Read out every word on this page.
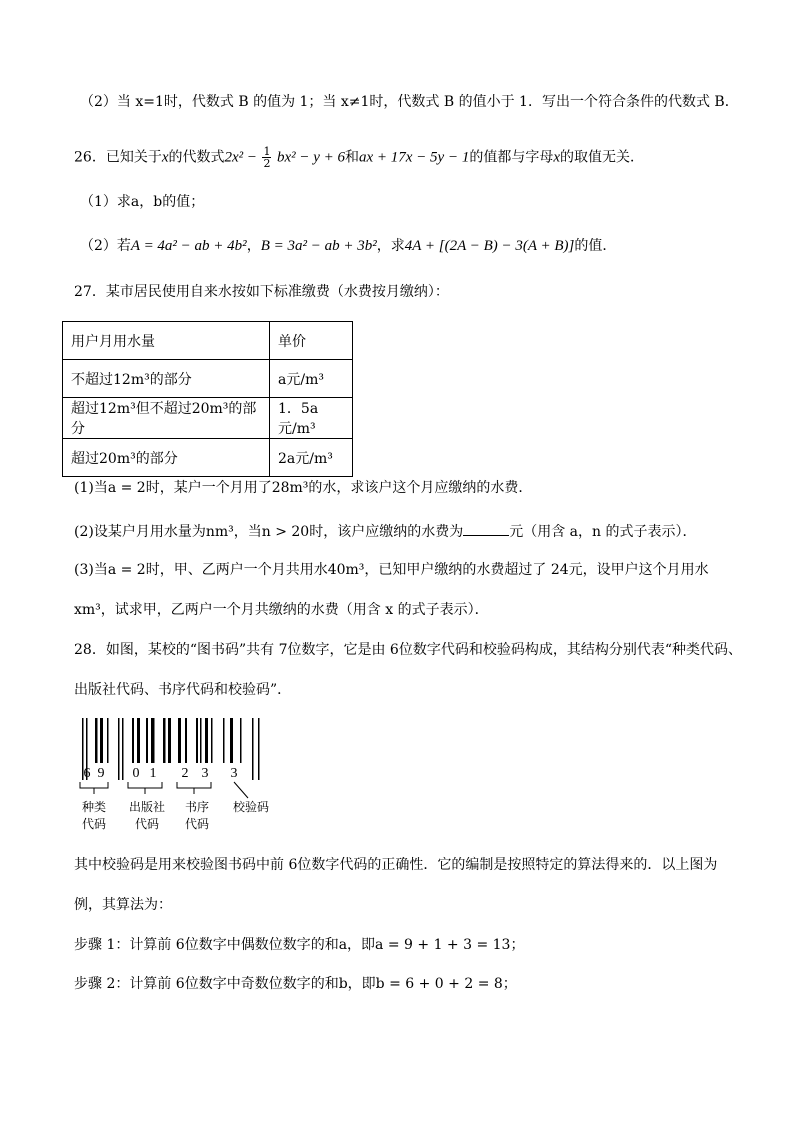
（2）当 x=1时，代数式 B 的值为 1；当 x≠1时，代数式 B 的值小于 1．写出一个符合条件的代数式 B．
26．已知关于x的代数式$2x^2 - \frac{1}{2} bx^2 - y + 6$和ax + 17x − 5y − 1的值都与字母x的取值无关．
（1）求a，b的值；
（2）若A = 4a² − ab + 4b²，B = 3a² − ab + 3b²，求4A + [(2A − B) − 3(A + B)]的值．
27．某市居民使用自来水按如下标准缴费（水费按月缴纳）：
用户月用水量	单价
不超过12m³的部分	a元/m³
超过12m³但不超过20m³的部分	1．5a元/m³
超过20m³的部分	2a元/m³
(1)当a = 2时，某户一个月用了28m³的水，求该户这个月应缴纳的水费．
(2)设某户月用水量为nm³，当n > 20时，该户应缴纳的水费为	元（用含 a，n 的式子表示）．
(3)当a = 2时，甲、乙两户一个月共用水40m³，已知甲户缴纳的水费超过了 24元，设甲户这个月用水
xm³，试求甲，乙两户一个月共缴纳的水费（用含 x 的式子表示）．
28．如图，某校的“图书码”共有 7位数字，它是由 6位数字代码和校验码构成，其结构分别代表“种类代码、
出版社代码、书序代码和校验码”．
6 9 0 1 2 3 3
种类
代码
出版社
代码
书序
代码
校验码
其中校验码是用来校验图书码中前 6位数字代码的正确性．它的编制是按照特定的算法得来的．以上图为
例，其算法为：
步骤 1：计算前 6位数字中偶数位数字的和a，即a = 9 + 1 + 3 = 13；
步骤 2：计算前 6位数字中奇数位数字的和b，即b = 6 + 0 + 2 = 8；
